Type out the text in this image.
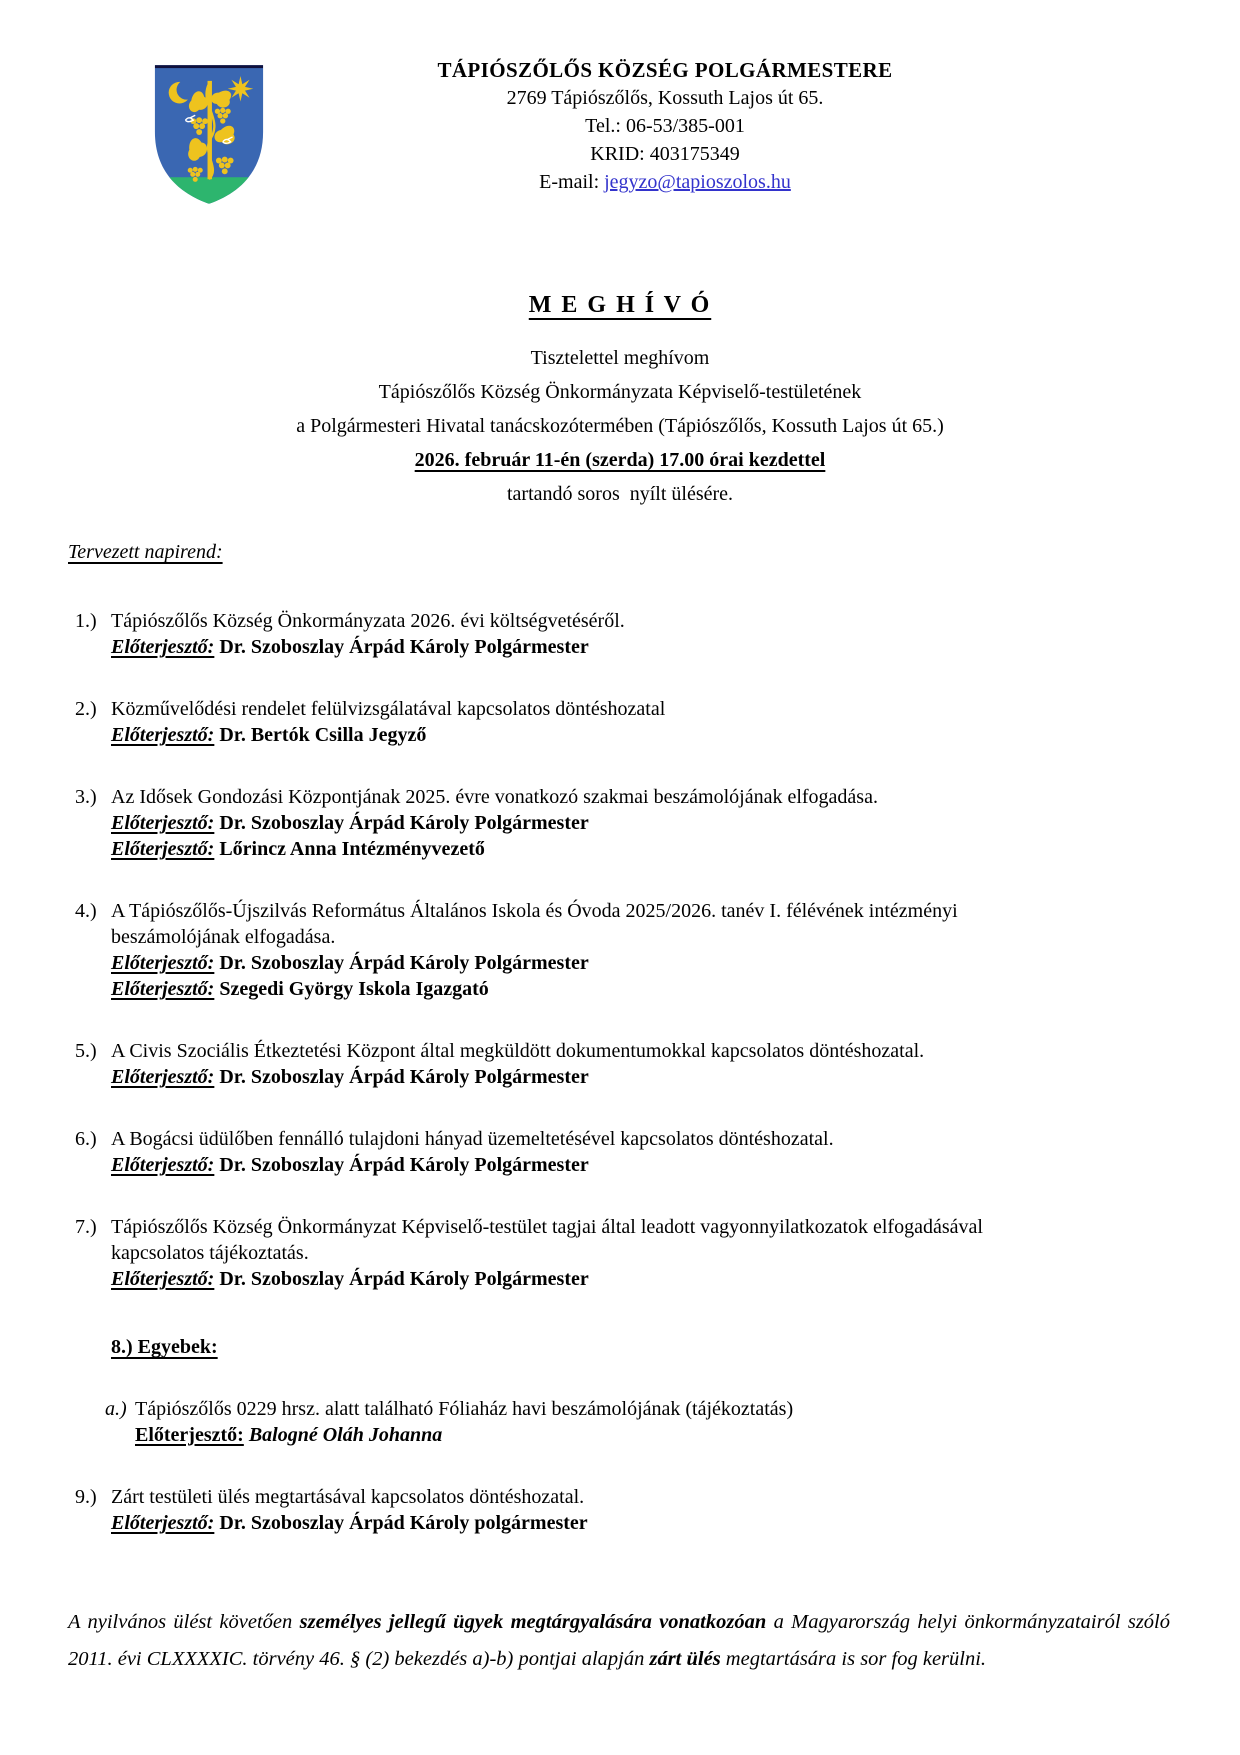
TÁPIÓSZŐLŐS KÖZSÉG POLGÁRMESTERE
2769 Tápiószőlős, Kossuth Lajos út 65.
Tel.: 06-53/385-001
KRID: 403175349
E-mail: jegyzo@tapioszolos.hu
M E G H Í V Ó
Tisztelettel meghívom
Tápiószőlős Község Önkormányzata Képviselő-testületének
a Polgármesteri Hivatal tanácskozótermében (Tápiószőlős, Kossuth Lajos út 65.)
2026. február 11-én (szerda) 17.00 órai kezdettel
tartandó soros  nyílt ülésére.
Tervezett napirend:
1.) Tápiószőlős Község Önkormányzata 2026. évi költségvetéséről.
Előterjesztő: Dr. Szoboszlay Árpád Károly Polgármester
2.) Közművelődési rendelet felülvizsgálatával kapcsolatos döntéshozatal
Előterjesztő: Dr. Bertók Csilla Jegyző
3.) Az Idősek Gondozási Központjának 2025. évre vonatkozó szakmai beszámolójának elfogadása.
Előterjesztő: Dr. Szoboszlay Árpád Károly Polgármester
Előterjesztő: Lőrincz Anna Intézményvezető
4.) A Tápiószőlős-Újszilvás Református Általános Iskola és Óvoda 2025/2026. tanév I. félévének intézményi beszámolójának elfogadása.
Előterjesztő: Dr. Szoboszlay Árpád Károly Polgármester
Előterjesztő: Szegedi György Iskola Igazgató
5.) A Civis Szociális Étkeztetési Központ által megküldött dokumentumokkal kapcsolatos döntéshozatal.
Előterjesztő: Dr. Szoboszlay Árpád Károly Polgármester
6.) A Bogácsi üdülőben fennálló tulajdoni hányad üzemeltetésével kapcsolatos döntéshozatal.
Előterjesztő: Dr. Szoboszlay Árpád Károly Polgármester
7.) Tápiószőlős Község Önkormányzat Képviselő-testület tagjai által leadott vagyonnyilatkozatok elfogadásával kapcsolatos tájékoztatás.
Előterjesztő: Dr. Szoboszlay Árpád Károly Polgármester
8.) Egyebek:
a.) Tápiószőlős 0229 hrsz. alatt található Fóliaház havi beszámolójának (tájékoztatás)
Előterjesztő: Balogné Oláh Johanna
9.) Zárt testületi ülés megtartásával kapcsolatos döntéshozatal.
Előterjesztő: Dr. Szoboszlay Árpád Károly polgármester

A nyilvános ülést követően személyes jellegű ügyek megtárgyalására vonatkozóan a Magyarország helyi önkormányzatairól szóló 2011. évi CLXXXXIC. törvény 46. § (2) bekezdés a)-b) pontjai alapján zárt ülés megtartására is sor fog kerülni.
